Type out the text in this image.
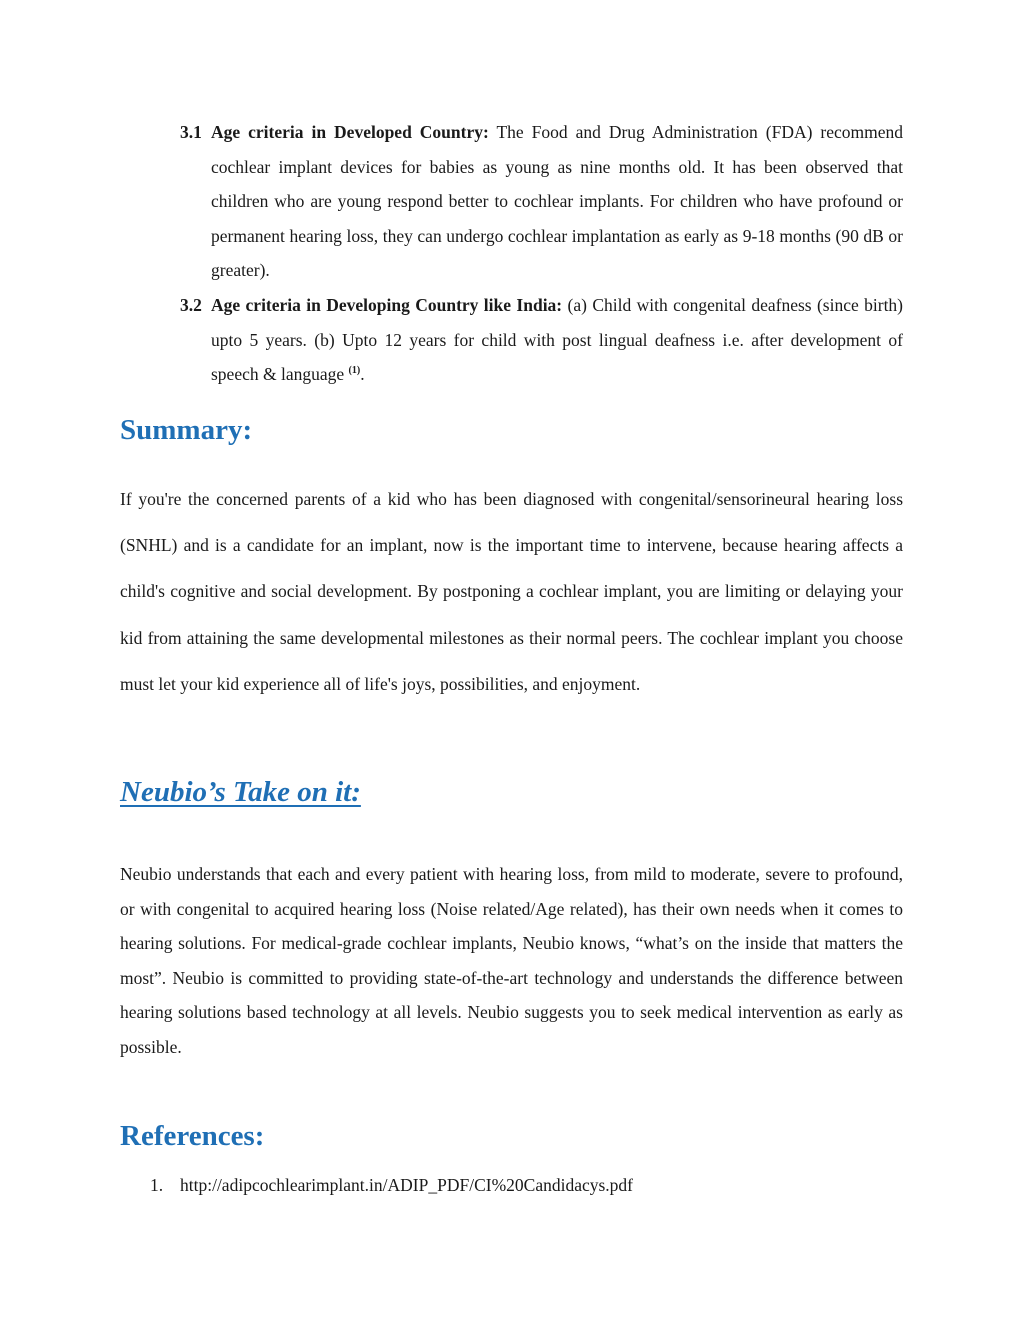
3.1 Age criteria in Developed Country: The Food and Drug Administration (FDA) recommend cochlear implant devices for babies as young as nine months old. It has been observed that children who are young respond better to cochlear implants. For children who have profound or permanent hearing loss, they can undergo cochlear implantation as early as 9-18 months (90 dB or greater).
3.2 Age criteria in Developing Country like India: (a) Child with congenital deafness (since birth) upto 5 years. (b) Upto 12 years for child with post lingual deafness i.e. after development of speech & language $^{(1)}$.
Summary:

If you're the concerned parents of a kid who has been diagnosed with congenital/sensorineural hearing loss (SNHL) and is a candidate for an implant, now is the important time to intervene, because hearing affects a child's cognitive and social development. By postponing a cochlear implant, you are limiting or delaying your kid from attaining the same developmental milestones as their normal peers. The cochlear implant you choose must let your kid experience all of life's joys, possibilities, and enjoyment.

Neubio’s Take on it:

Neubio understands that each and every patient with hearing loss, from mild to moderate, severe to profound, or with congenital to acquired hearing loss (Noise related/Age related), has their own needs when it comes to hearing solutions. For medical-grade cochlear implants, Neubio knows, “what’s on the inside that matters the most”. Neubio is committed to providing state-of-the-art technology and understands the difference between hearing solutions based technology at all levels. Neubio suggests you to seek medical intervention as early as possible.

References:
1. http://adipcochlearimplant.in/ADIP_PDF/CI%20Candidacys.pdf
